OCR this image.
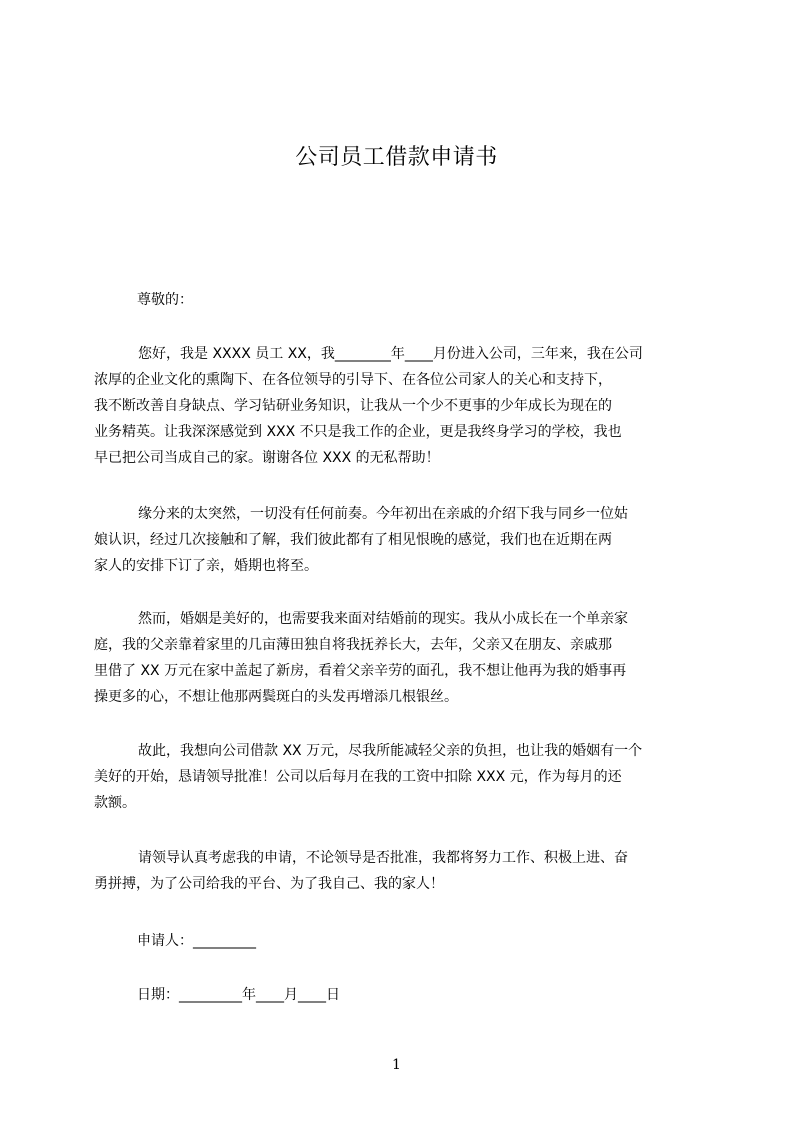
公司员工借款申请书
尊敬的：
您好，我是 XXXX 员工 XX，我________年____月份进入公司，三年来，我在公司
浓厚的企业文化的熏陶下、在各位领导的引导下、在各位公司家人的关心和支持下，
我不断改善自身缺点、学习钻研业务知识，让我从一个少不更事的少年成长为现在的
业务精英。让我深深感觉到 XXX 不只是我工作的企业，更是我终身学习的学校，我也
早已把公司当成自己的家。谢谢各位 XXX 的无私帮助！
缘分来的太突然，一切没有任何前奏。今年初出在亲戚的介绍下我与同乡一位姑
娘认识，经过几次接触和了解，我们彼此都有了相见恨晚的感觉，我们也在近期在两
家人的安排下订了亲，婚期也将至。
然而，婚姻是美好的，也需要我来面对结婚前的现实。我从小成长在一个单亲家
庭，我的父亲靠着家里的几亩薄田独自将我抚养长大，去年，父亲又在朋友、亲戚那
里借了 XX 万元在家中盖起了新房，看着父亲辛劳的面孔，我不想让他再为我的婚事再
操更多的心，不想让他那两鬓斑白的头发再增添几根银丝。
故此，我想向公司借款 XX 万元，尽我所能减轻父亲的负担，也让我的婚姻有一个
美好的开始，恳请领导批准！公司以后每月在我的工资中扣除 XXX 元，作为每月的还
款额。
请领导认真考虑我的申请，不论领导是否批准，我都将努力工作、积极上进、奋
勇拼搏，为了公司给我的平台、为了我自己、我的家人！
申请人：_________
日期：_________年____月____日
1
